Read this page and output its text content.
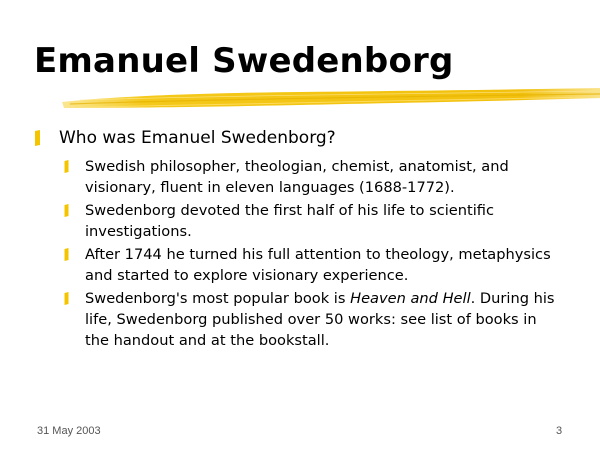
Emanuel Swedenborg
Who was Emanuel Swedenborg?
Swedish philosopher, theologian, chemist, anatomist, and visionary, fluent in eleven languages (1688-1772).
Swedenborg devoted the first half of his life to scientific investigations.
After 1744 he turned his full attention to theology, metaphysics and started to explore visionary experience.
Swedenborg's most popular book is Heaven and Hell. During his life, Swedenborg published over 50 works: see list of books in the handout and at the bookstall.
31 May 2003	3
